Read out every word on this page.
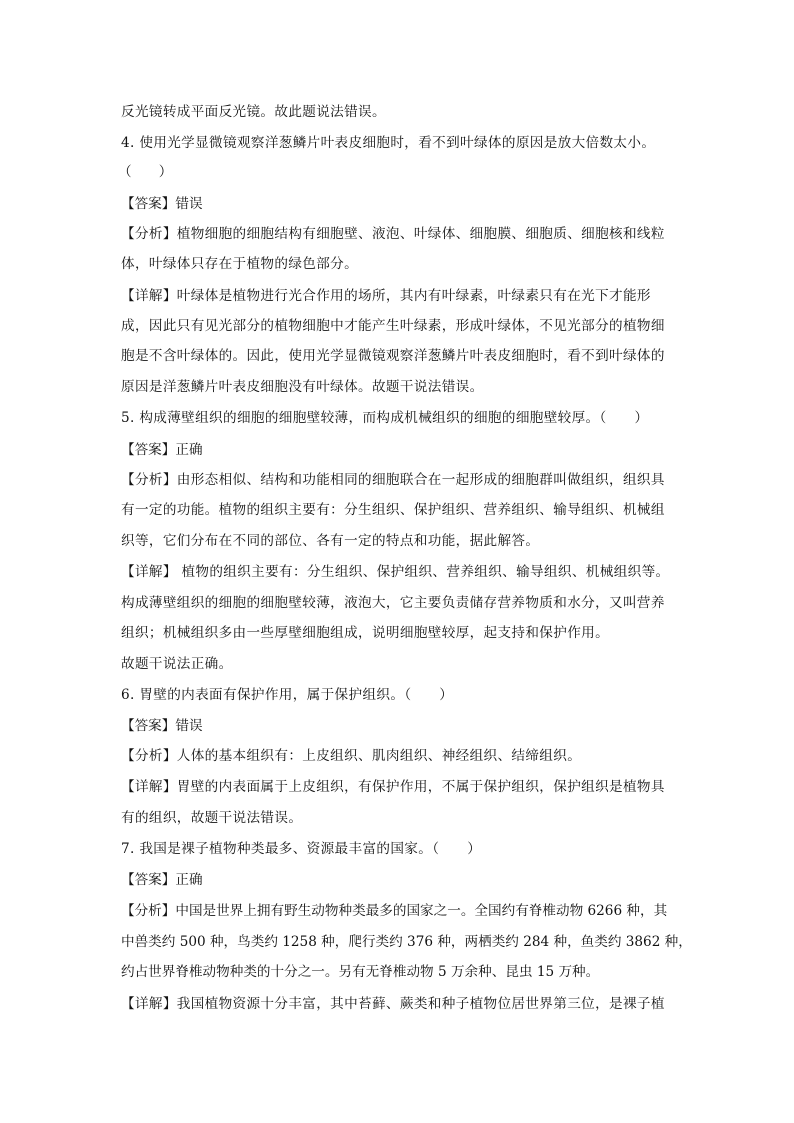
反光镜转成平面反光镜。故此题说法错误。
4. 使用光学显微镜观察洋葱鳞片叶表皮细胞时，看不到叶绿体的原因是放大倍数太小。
（　　）
【答案】错误
【分析】植物细胞的细胞结构有细胞壁、液泡、叶绿体、细胞膜、细胞质、细胞核和线粒
体，叶绿体只存在于植物的绿色部分。
【详解】叶绿体是植物进行光合作用的场所，其内有叶绿素，叶绿素只有在光下才能形
成，因此只有见光部分的植物细胞中才能产生叶绿素，形成叶绿体，不见光部分的植物细
胞是不含叶绿体的。因此，使用光学显微镜观察洋葱鳞片叶表皮细胞时，看不到叶绿体的
原因是洋葱鳞片叶表皮细胞没有叶绿体。故题干说法错误。
5. 构成薄壁组织的细胞的细胞壁较薄，而构成机械组织的细胞的细胞壁较厚。（　　）
【答案】正确
【分析】由形态相似、结构和功能相同的细胞联合在一起形成的细胞群叫做组织，组织具
有一定的功能。植物的组织主要有：分生组织、保护组织、营养组织、输导组织、机械组
织等，它们分布在不同的部位、各有一定的特点和功能，据此解答。
【详解】 植物的组织主要有：分生组织、保护组织、营养组织、输导组织、机械组织等。
构成薄壁组织的细胞的细胞壁较薄，液泡大，它主要负责储存营养物质和水分，又叫营养
组织；机械组织多由一些厚壁细胞组成，说明细胞壁较厚，起支持和保护作用。
故题干说法正确。
6. 胃壁的内表面有保护作用，属于保护组织。（　　）
【答案】错误
【分析】人体的基本组织有：上皮组织、肌肉组织、神经组织、结缔组织。
【详解】胃壁的内表面属于上皮组织，有保护作用，不属于保护组织，保护组织是植物具
有的组织，故题干说法错误。
7. 我国是裸子植物种类最多、资源最丰富的国家。（　　）
【答案】正确
【分析】中国是世界上拥有野生动物种类最多的国家之一。全国约有脊椎动物 6266 种，其
中兽类约 500 种，鸟类约 1258 种，爬行类约 376 种，两栖类约 284 种，鱼类约 3862 种，
约占世界脊椎动物种类的十分之一。另有无脊椎动物 5 万余种、昆虫 15 万种。
【详解】我国植物资源十分丰富，其中苔藓、蕨类和种子植物位居世界第三位，是裸子植
